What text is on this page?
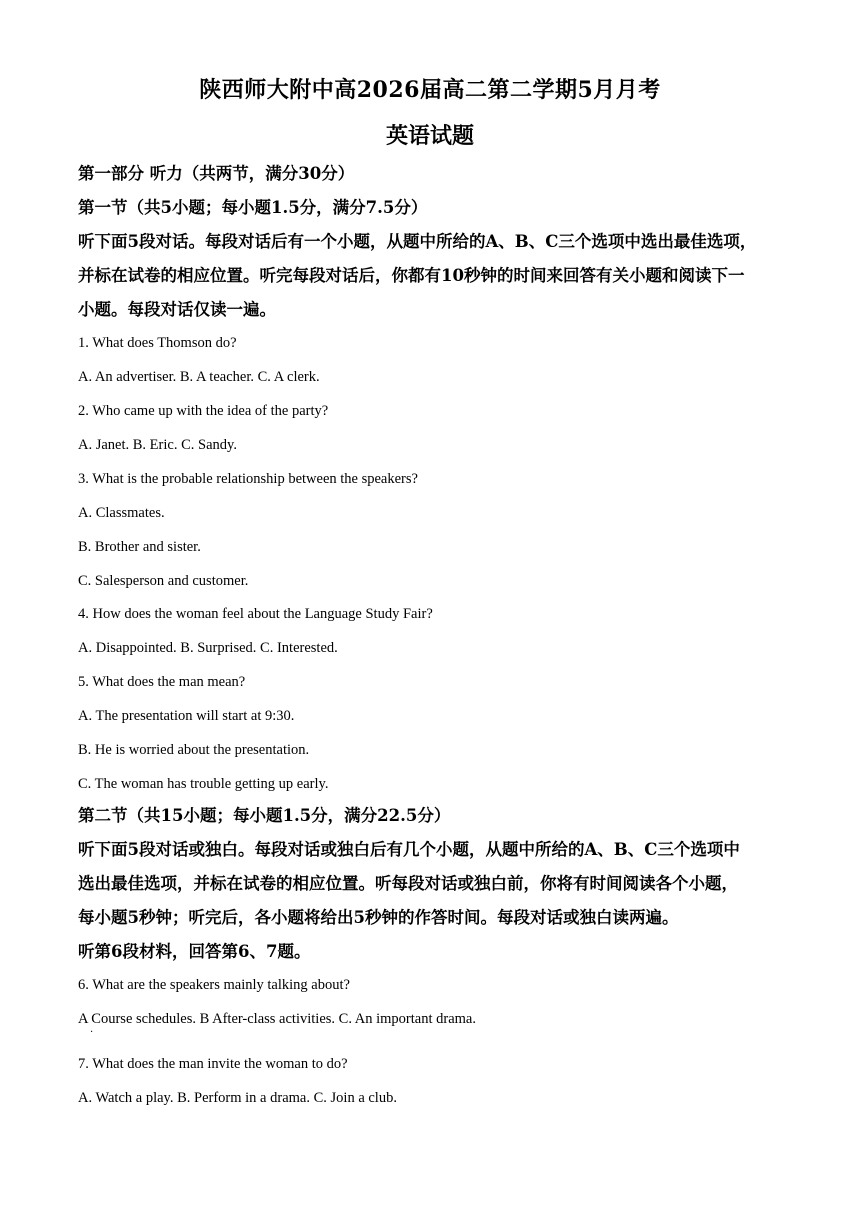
陕西师大附中高2026届高二第二学期5月月考
英语试题
第一部分 听力（共两节，满分30分）
第一节（共5小题；每小题1.5分，满分7.5分）
听下面5段对话。每段对话后有一个小题，从题中所给的A、B、C三个选项中选出最佳选项，
并标在试卷的相应位置。听完每段对话后，你都有10秒钟的时间来回答有关小题和阅读下一
小题。每段对话仅读一遍。
1. What does Thomson do?
A. An advertiser. B. A teacher. C. A clerk.
2. Who came up with the idea of the party?
A. Janet. B. Eric. C. Sandy.
3. What is the probable relationship between the speakers?
A. Classmates.
B. Brother and sister.
C. Salesperson and customer.
4. How does the woman feel about the Language Study Fair?
A. Disappointed. B. Surprised. C. Interested.
5. What does the man mean?
A. The presentation will start at 9:30.
B. He is worried about the presentation.
C. The woman has trouble getting up early.
第二节（共15小题；每小题1.5分，满分22.5分）
听下面5段对话或独白。每段对话或独白后有几个小题，从题中所给的A、B、C三个选项中
选出最佳选项，并标在试卷的相应位置。听每段对话或独白前，你将有时间阅读各个小题，
每小题5秒钟；听完后，各小题将给出5秒钟的作答时间。每段对话或独白读两遍。
听第6段材料，回答第6、7题。
6. What are the speakers mainly talking about?
A Course schedules. B After-class activities. C. An important drama.
.
7. What does the man invite the woman to do?
A. Watch a play. B. Perform in a drama. C. Join a club.
